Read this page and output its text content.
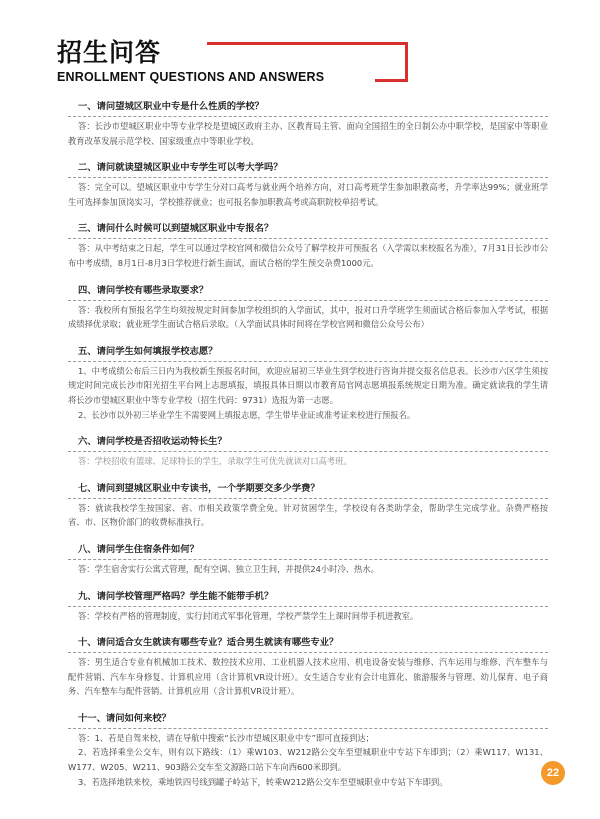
招生问答
ENROLLMENT QUESTIONS AND ANSWERS
一、请问望城区职业中专是什么性质的学校？

答：长沙市望城区职业中等专业学校是望城区政府主办、区教育局主管、面向全国招生的全日制公办中职学校，是国家中等职业教育改革发展示范学校、国家级重点中等职业学校。

二、请问就读望城区职业中专学生可以考大学吗？

答：完全可以。望城区职业中专学生分对口高考与就业两个培养方向，对口高考班学生参加职教高考，升学率达99%；就业班学生可选择参加顶岗实习，学校推荐就业；也可报名参加职教高考或高职院校单招考试。

三、请问什么时候可以到望城区职业中专报名？

答：从中考结束之日起，学生可以通过学校官网和微信公众号了解学校并可预报名（入学需以来校报名为准），7月31日长沙市公布中考成绩，8月1日-8月3日学校进行新生面试，面试合格的学生预交杂费1000元。

四、请问学校有哪些录取要求？

答：我校所有预报名学生均须按规定时间参加学校组织的入学面试，其中，报对口升学班学生须面试合格后参加入学考试，根据成绩择优录取；就业班学生面试合格后录取。（入学面试具体时间将在学校官网和微信公众号公布）

五、请问学生如何填报学校志愿？

1、中考成绩公布后三日内为我校新生预报名时间，欢迎应届初三毕业生到学校进行咨询并提交报名信息表。长沙市六区学生须按规定时间完成长沙市阳光招生平台网上志愿填报，填报具体日期以市教育局官网志愿填报系统规定日期为准。确定就读我的学生请将长沙市望城区职业中等专业学校（招生代码：9731）选报为第一志愿。

2、长沙市以外初三毕业学生不需要网上填报志愿，学生带毕业证或准考证来校进行预报名。

六、请问学校是否招收运动特长生？

答：学校招收有篮球、足球特长的学生，录取学生可优先就读对口高考班。

七、请问到望城区职业中专读书，一个学期要交多少学费？

答：就读我校学生按国家、省、市相关政策学费全免。针对贫困学生，学校设有各类助学金，帮助学生完成学业。杂费严格按省、市、区物价部门的收费标准执行。

八、请问学生住宿条件如何？

答：学生宿舍实行公寓式管理，配有空调、独立卫生间，并提供24小时冷、热水。

九、请问学校管理严格吗？学生能不能带手机？

答：学校有严格的管理制度，实行封闭式军事化管理，学校严禁学生上课时间带手机进教室。

十、请问适合女生就读有哪些专业？适合男生就读有哪些专业？

答：男生适合专业有机械加工技术、数控技术应用、工业机器人技术应用、机电设备安装与维修、汽车运用与维修、汽车整车与配件营销、汽车车身修复、计算机应用（含计算机VR设计班）。女生适合专业有会计电算化、旅游服务与管理、幼儿保育、电子商务、汽车整车与配件营销、计算机应用（含计算机VR设计班）。

十一、请问如何来校？

答：1、若是自驾来校，请在导航中搜索“长沙市望城区职业中专”即可直接到达；

2、若选择乘坐公交车，则有以下路线：（1）乘W103、W212路公交车至望城职业中专站下车即到；（2）乘W117、W131、W177、W205、W211、903路公交车至文源路口站下车向西600米即到。

3、若选择地铁来校，乘地铁四号线到罐子岭站下，转乘W212路公交车至望城职业中专站下车即到。

22
